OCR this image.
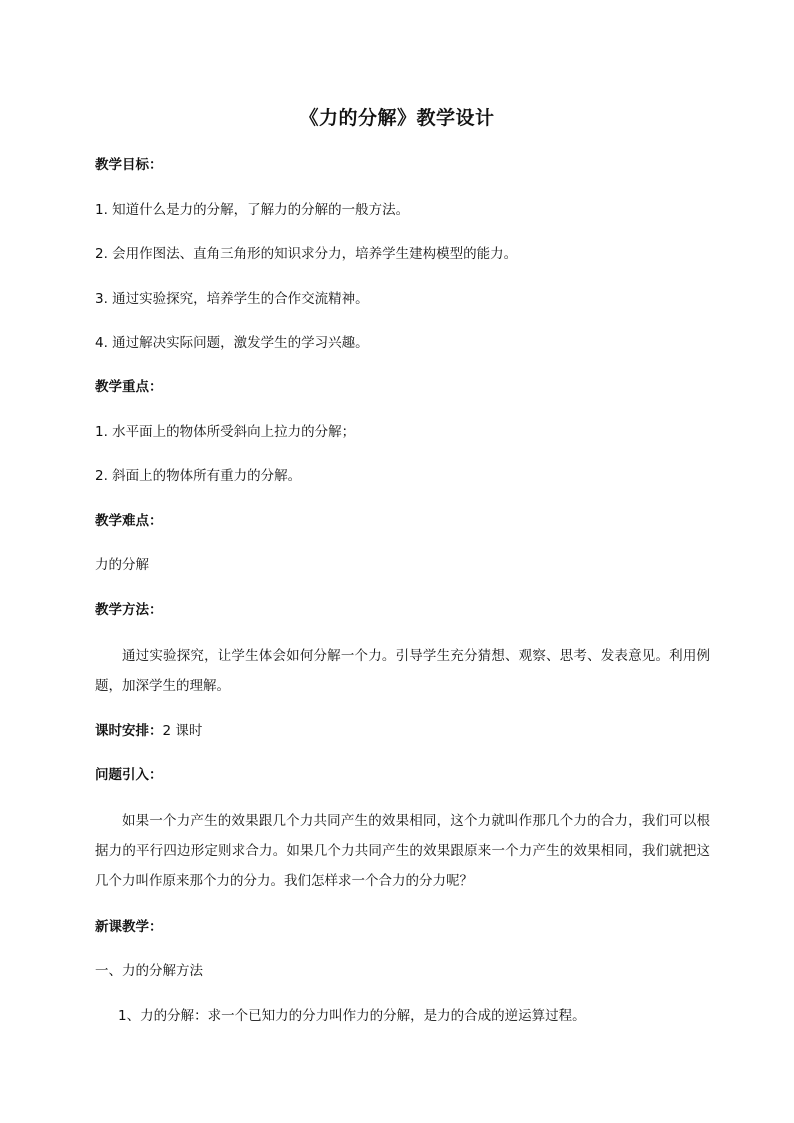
《力的分解》教学设计
教学目标：
1. 知道什么是力的分解，了解力的分解的一般方法。
2. 会用作图法、直角三角形的知识求分力，培养学生建构模型的能力。
3. 通过实验探究，培养学生的合作交流精神。
4. 通过解决实际问题，激发学生的学习兴趣。
教学重点：
1. 水平面上的物体所受斜向上拉力的分解；
2. 斜面上的物体所有重力的分解。
教学难点：
力的分解
教学方法：
通过实验探究，让学生体会如何分解一个力。引导学生充分猜想、观察、思考、发表意见。利用例题，加深学生的理解。
课时安排：2 课时
问题引入：
如果一个力产生的效果跟几个力共同产生的效果相同，这个力就叫作那几个力的合力，我们可以根据力的平行四边形定则求合力。如果几个力共同产生的效果跟原来一个力产生的效果相同，我们就把这几个力叫作原来那个力的分力。我们怎样求一个合力的分力呢？
新课教学：
一、力的分解方法
1、力的分解：求一个已知力的分力叫作力的分解，是力的合成的逆运算过程。
